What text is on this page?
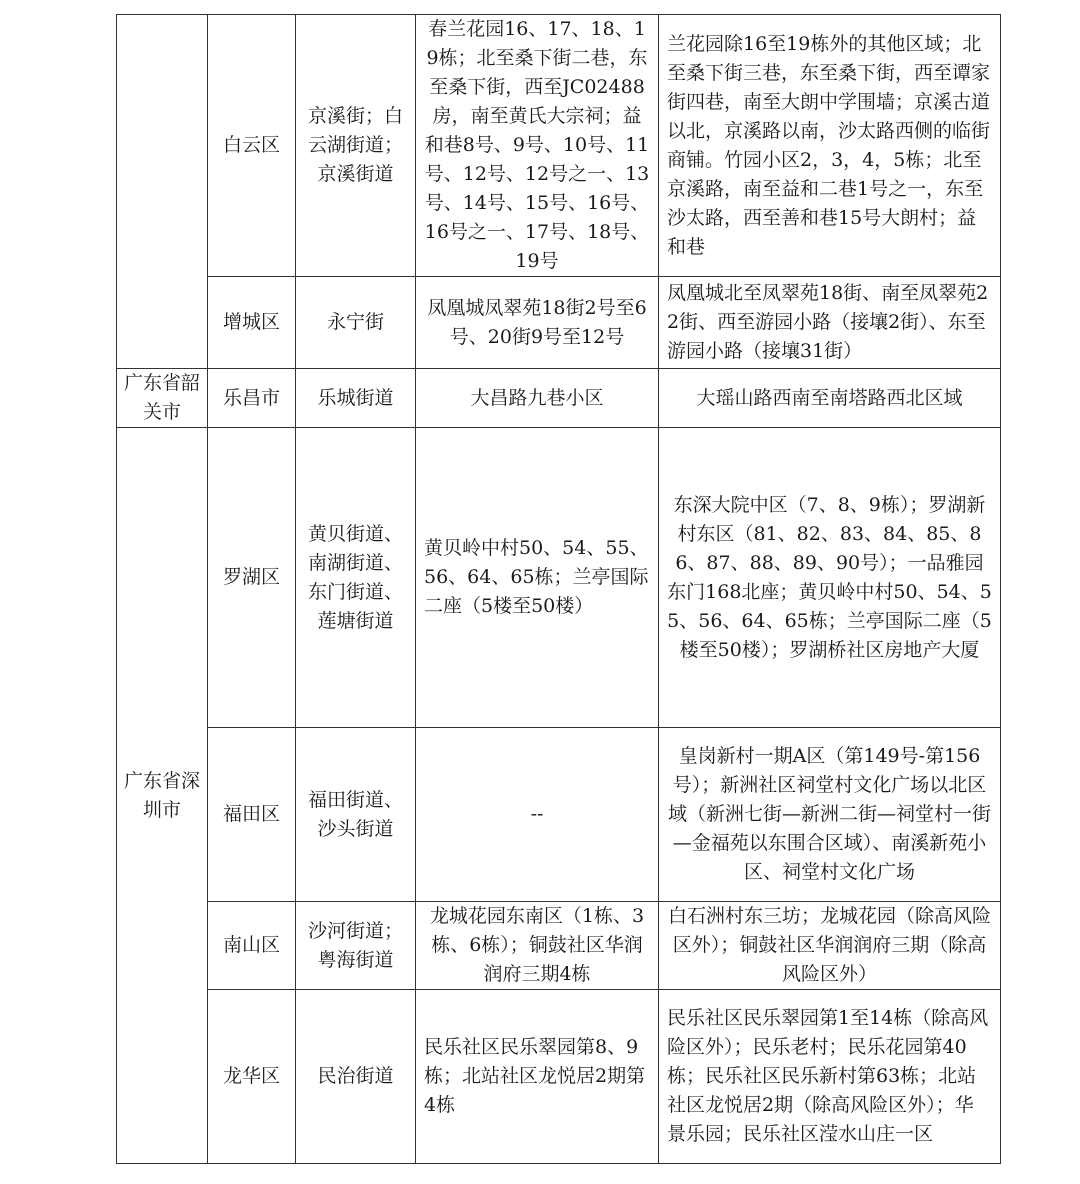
	白云区	京溪街；白云湖街道；京溪街道	春兰花园16、17、18、19栋；北至桑下街二巷，东至桑下街，西至JC02488房，南至黄氏大宗祠；益和巷8号、9号、10号、11号、12号、12号之一、13号、14号、15号、16号、16号之一、17号、18号、19号	兰花园除16至19栋外的其他区域；北至桑下街三巷，东至桑下街，西至谭家街四巷，南至大朗中学围墙；京溪古道以北，京溪路以南，沙太路西侧的临街商铺。竹园小区2，3，4，5栋；北至京溪路，南至益和二巷1号之一，东至沙太路，西至善和巷15号大朗村；益和巷
	增城区	永宁街	凤凰城凤翠苑18街2号至6号、20街9号至12号	凤凰城北至凤翠苑18街、南至凤翠苑22街、西至游园小路（接壤2街）、东至游园小路（接壤31街）
广东省韶关市	乐昌市	乐城街道	大昌路九巷小区	大瑶山路西南至南塔路西北区域
广东省深圳市	罗湖区	黄贝街道、南湖街道、东门街道、莲塘街道	黄贝岭中村50、54、55、56、64、65栋；兰亭国际二座（5楼至50楼）	东深大院中区（7、8、9栋）；罗湖新村东区（81、82、83、84、85、86、87、88、89、90号）；一品雅园东门168北座；黄贝岭中村50、54、55、56、64、65栋；兰亭国际二座（5楼至50楼）；罗湖桥社区房地产大厦
	福田区	福田街道、沙头街道	--	皇岗新村一期A区（第149号-第156号）；新洲社区祠堂村文化广场以北区域（新洲七街—新洲二街—祠堂村一街—金福苑以东围合区域）、南溪新苑小区、祠堂村文化广场
	南山区	沙河街道；粤海街道	龙城花园东南区（1栋、3栋、6栋）；铜鼓社区华润润府三期4栋	白石洲村东三坊；龙城花园（除高风险区外）；铜鼓社区华润润府三期（除高风险区外）
	龙华区	民治街道	民乐社区民乐翠园第8、9栋；北站社区龙悦居2期第4栋	民乐社区民乐翠园第1至14栋（除高风险区外）；民乐老村；民乐花园第40栋；民乐社区民乐新村第63栋；北站社区龙悦居2期（除高风险区外）；华景乐园；民乐社区滢水山庄一区
